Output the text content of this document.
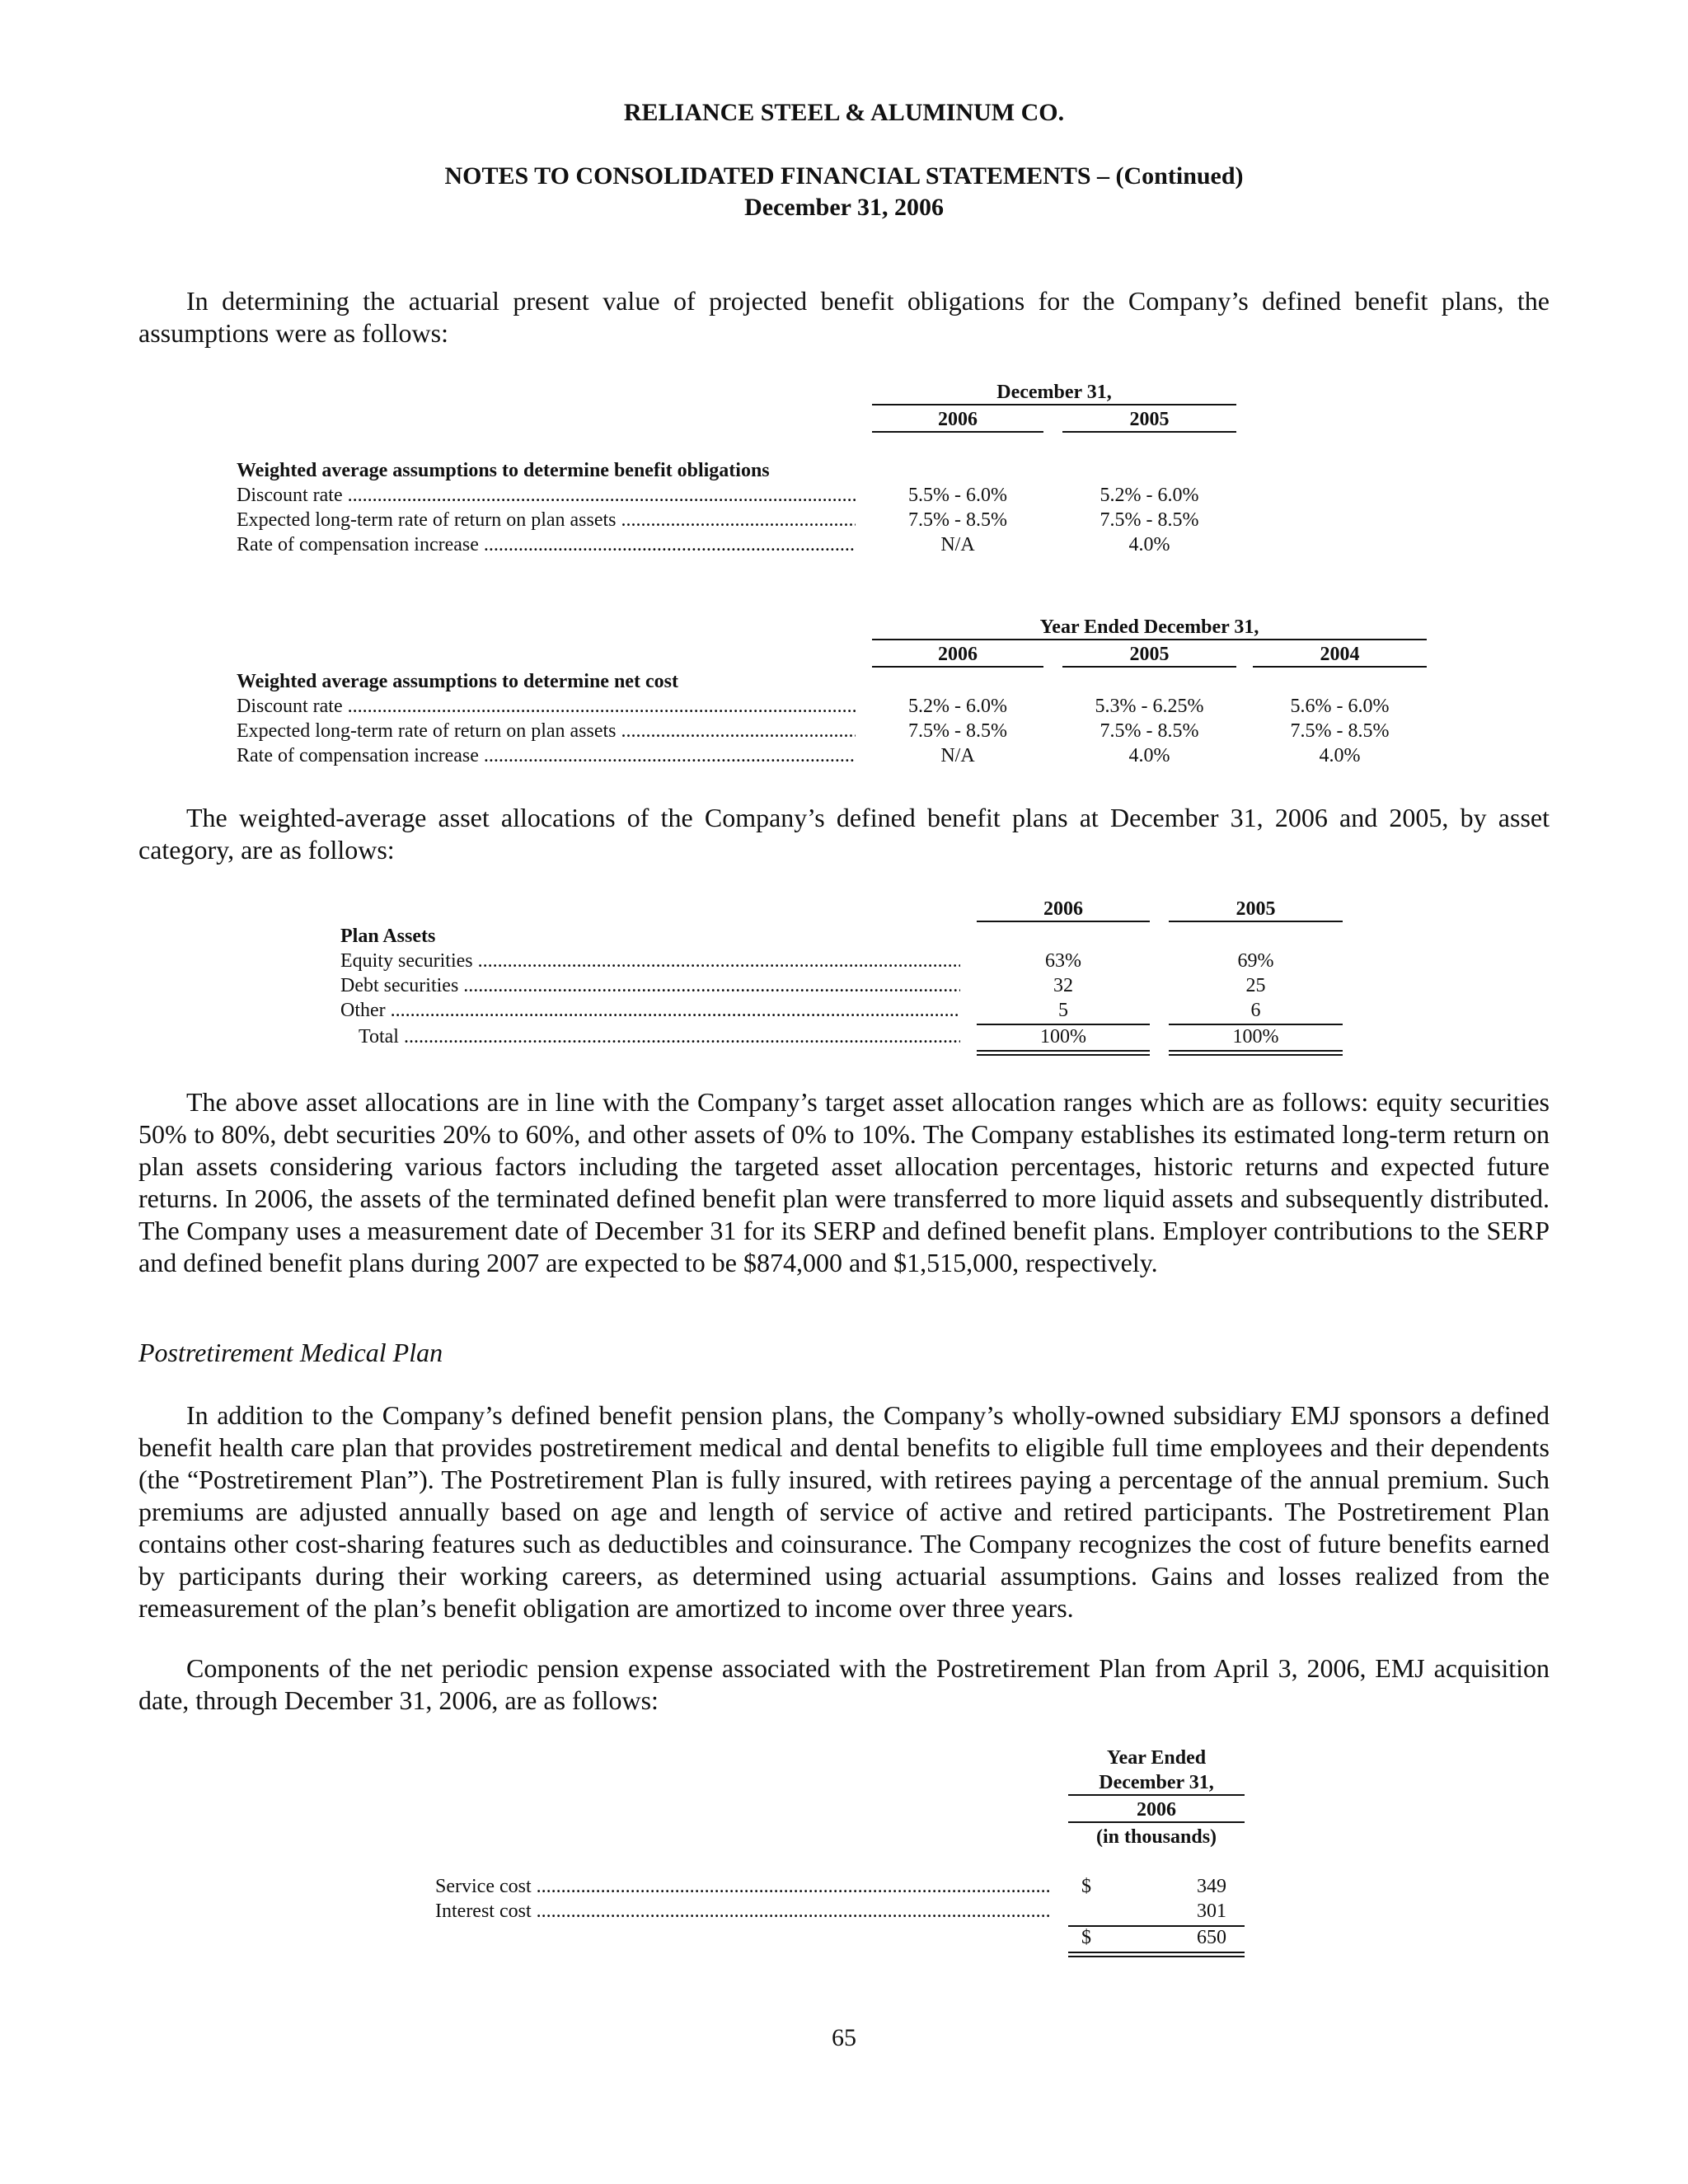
RELIANCE STEEL & ALUMINUM CO.
NOTES TO CONSOLIDATED FINANCIAL STATEMENTS – (Continued)
December 31, 2006

In determining the actuarial present value of projected benefit obligations for the Company’s defined benefit plans, the assumptions were as follows:

December 31,
2006	2005
Weighted average assumptions to determine benefit obligations
Discount rate .....	5.5% - 6.0%	5.2% - 6.0%
Expected long-term rate of return on plan assets .....	7.5% - 8.5%	7.5% - 8.5%
Rate of compensation increase .....	N/A	4.0%
Year Ended December 31,
2006	2005	2004
Weighted average assumptions to determine net cost
Discount rate .....	5.2% - 6.0%	5.3% - 6.25%	5.6% - 6.0%
Expected long-term rate of return on plan assets .....	7.5% - 8.5%	7.5% - 8.5%	7.5% - 8.5%
Rate of compensation increase .....	N/A	4.0%	4.0%

The weighted-average asset allocations of the Company’s defined benefit plans at December 31, 2006 and 2005, by asset category, are as follows:

2006	2005
Plan Assets
Equity securities .....	63%	69%
Debt securities .....	32	25
Other .....	5	6
Total .....	100%	100%

The above asset allocations are in line with the Company’s target asset allocation ranges which are as follows: equity securities 50% to 80%, debt securities 20% to 60%, and other assets of 0% to 10%. The Company establishes its estimated long-term return on plan assets considering various factors including the targeted asset allocation percentages, historic returns and expected future returns. In 2006, the assets of the terminated defined benefit plan were transferred to more liquid assets and subsequently distributed. The Company uses a measurement date of December 31 for its SERP and defined benefit plans. Employer contributions to the SERP and defined benefit plans during 2007 are expected to be $874,000 and $1,515,000, respectively.

Postretirement Medical Plan

In addition to the Company’s defined benefit pension plans, the Company’s wholly-owned subsidiary EMJ sponsors a defined benefit health care plan that provides postretirement medical and dental benefits to eligible full time employees and their dependents (the “Postretirement Plan”). The Postretirement Plan is fully insured, with retirees paying a percentage of the annual premium. Such premiums are adjusted annually based on age and length of service of active and retired participants. The Postretirement Plan contains other cost-sharing features such as deductibles and coinsurance. The Company recognizes the cost of future benefits earned by participants during their working careers, as determined using actuarial assumptions. Gains and losses realized from the remeasurement of the plan’s benefit obligation are amortized to income over three years.

Components of the net periodic pension expense associated with the Postretirement Plan from April 3, 2006, EMJ acquisition date, through December 31, 2006, are as follows:

Year Ended
December 31,
2006
(in thousands)
Service cost .....	$	349
Interest cost .....	301
$	650
65
